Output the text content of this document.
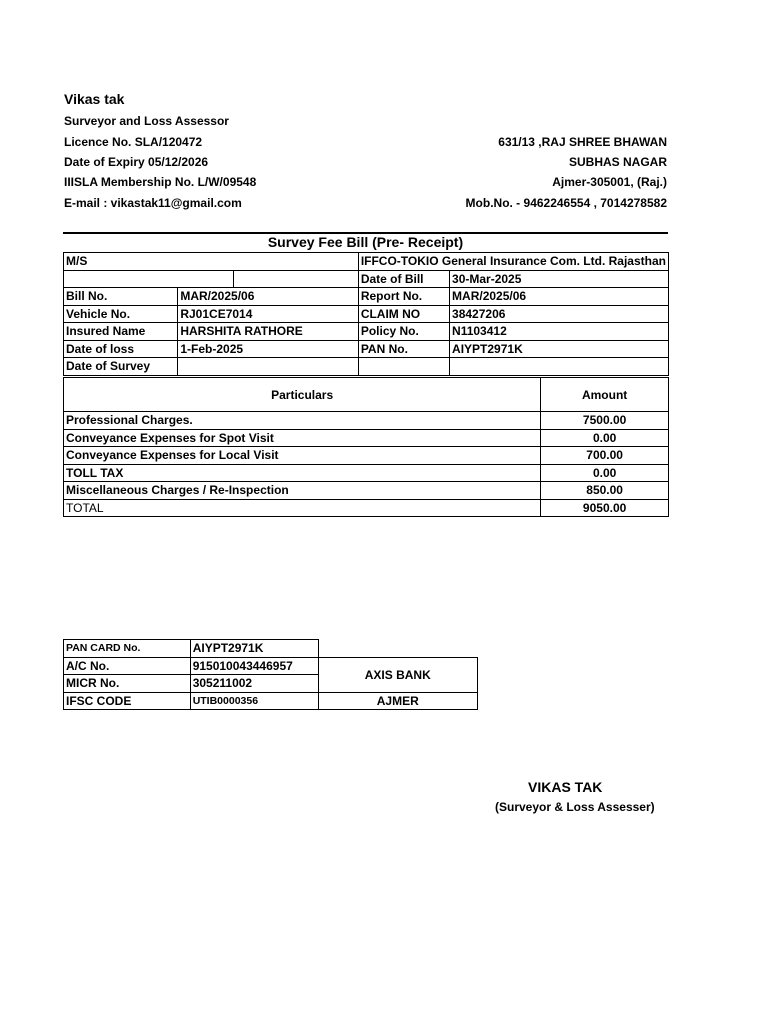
Vikas tak
Surveyor and Loss Assessor
Licence No. SLA/120472
Date of Expiry 05/12/2026
IIISLA Membership No. L/W/09548
E-mail : vikastak11@gmail.com
631/13 ,RAJ SHREE BHAWAN
SUBHAS NAGAR
Ajmer-305001, (Raj.)
Mob.No. - 9462246554 , 7014278582
Survey Fee Bill (Pre- Receipt)
M/S			IFFCO-TOKIO General Insurance Com. Ltd. Rajasthan	
			Date of Bill	30-Mar-2025
Bill No.	MAR/2025/06		Report No.	MAR/2025/06
Vehicle No.	RJ01CE7014		CLAIM NO	38427206
Insured Name	HARSHITA RATHORE		Policy No.	N1103412
Date of loss	1-Feb-2025		PAN No.	AIYPT2971K
Date of Survey				
Particulars	Amount
Professional Charges.	7500.00
Conveyance Expenses for Spot Visit	0.00
Conveyance Expenses for Local Visit	700.00
TOLL TAX	0.00
Miscellaneous Charges / Re-Inspection	850.00
TOTAL	9050.00
PAN CARD No.	AIYPT2971K	
A/C No.	915010043446957	AXIS BANK
MICR No.	305211002	
IFSC CODE	UTIB0000356	AJMER
VIKAS TAK
(Surveyor & Loss Assesser)
